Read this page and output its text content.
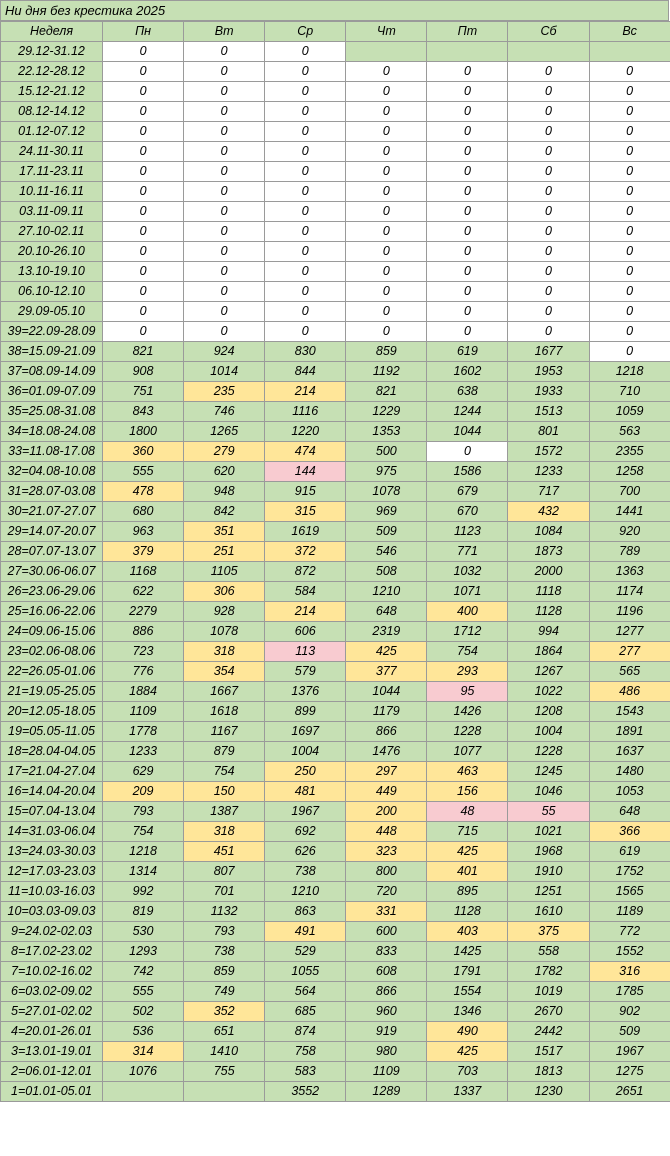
Ни дня без крестика 2025
Неделя	Пн	Вт	Ср	Чт	Пт	Сб	Вс
29.12-31.12	0	0	0				
22.12-28.12	0	0	0	0	0	0	0
15.12-21.12	0	0	0	0	0	0	0
08.12-14.12	0	0	0	0	0	0	0
01.12-07.12	0	0	0	0	0	0	0
24.11-30.11	0	0	0	0	0	0	0
17.11-23.11	0	0	0	0	0	0	0
10.11-16.11	0	0	0	0	0	0	0
03.11-09.11	0	0	0	0	0	0	0
27.10-02.11	0	0	0	0	0	0	0
20.10-26.10	0	0	0	0	0	0	0
13.10-19.10	0	0	0	0	0	0	0
06.10-12.10	0	0	0	0	0	0	0
29.09-05.10	0	0	0	0	0	0	0
39=22.09-28.09	0	0	0	0	0	0	0
38=15.09-21.09	821	924	830	859	619	1677	0
37=08.09-14.09	908	1014	844	1192	1602	1953	1218
36=01.09-07.09	751	235	214	821	638	1933	710
35=25.08-31.08	843	746	1116	1229	1244	1513	1059
34=18.08-24.08	1800	1265	1220	1353	1044	801	563
33=11.08-17.08	360	279	474	500	0	1572	2355
32=04.08-10.08	555	620	144	975	1586	1233	1258
31=28.07-03.08	478	948	915	1078	679	717	700
30=21.07-27.07	680	842	315	969	670	432	1441
29=14.07-20.07	963	351	1619	509	1123	1084	920
28=07.07-13.07	379	251	372	546	771	1873	789
27=30.06-06.07	1168	1105	872	508	1032	2000	1363
26=23.06-29.06	622	306	584	1210	1071	1118	1174
25=16.06-22.06	2279	928	214	648	400	1128	1196
24=09.06-15.06	886	1078	606	2319	1712	994	1277
23=02.06-08.06	723	318	113	425	754	1864	277
22=26.05-01.06	776	354	579	377	293	1267	565
21=19.05-25.05	1884	1667	1376	1044	95	1022	486
20=12.05-18.05	1109	1618	899	1179	1426	1208	1543
19=05.05-11.05	1778	1167	1697	866	1228	1004	1891
18=28.04-04.05	1233	879	1004	1476	1077	1228	1637
17=21.04-27.04	629	754	250	297	463	1245	1480
16=14.04-20.04	209	150	481	449	156	1046	1053
15=07.04-13.04	793	1387	1967	200	48	55	648
14=31.03-06.04	754	318	692	448	715	1021	366
13=24.03-30.03	1218	451	626	323	425	1968	619
12=17.03-23.03	1314	807	738	800	401	1910	1752
11=10.03-16.03	992	701	1210	720	895	1251	1565
10=03.03-09.03	819	1132	863	331	1128	1610	1189
9=24.02-02.03	530	793	491	600	403	375	772
8=17.02-23.02	1293	738	529	833	1425	558	1552
7=10.02-16.02	742	859	1055	608	1791	1782	316
6=03.02-09.02	555	749	564	866	1554	1019	1785
5=27.01-02.02	502	352	685	960	1346	2670	902
4=20.01-26.01	536	651	874	919	490	2442	509
3=13.01-19.01	314	1410	758	980	425	1517	1967
2=06.01-12.01	1076	755	583	1109	703	1813	1275
1=01.01-05.01			3552	1289	1337	1230	2651
